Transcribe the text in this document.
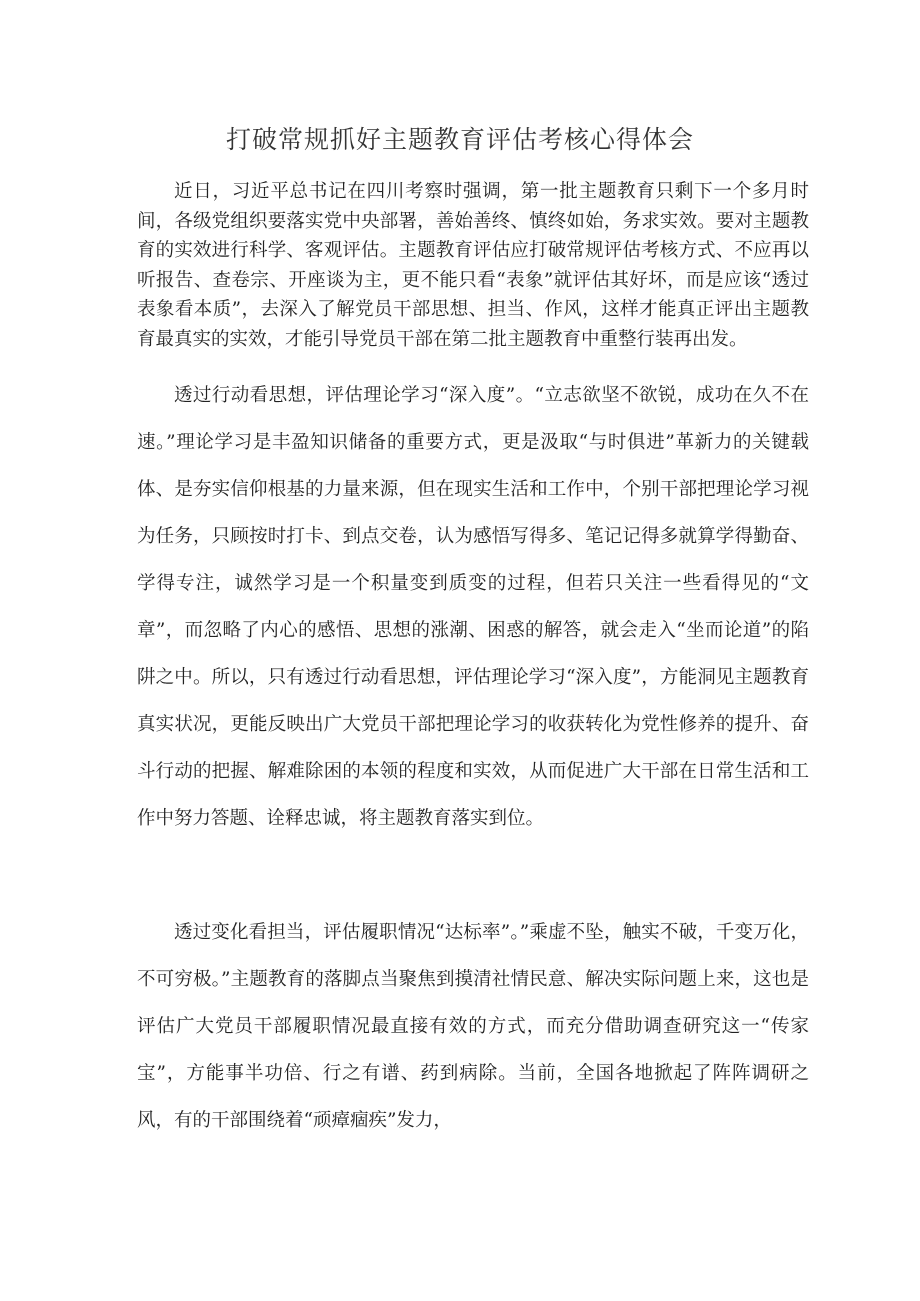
打破常规抓好主题教育评估考核心得体会

近日，习近平总书记在四川考察时强调，第一批主题教育只剩下一个多月时间，各级党组织要落实党中央部署，善始善终、慎终如始，务求实效。要对主题教育的实效进行科学、客观评估。主题教育评估应打破常规评估考核方式、不应再以听报告、查卷宗、开座谈为主，更不能只看“表象”就评估其好坏，而是应该“透过表象看本质”，去深入了解党员干部思想、担当、作风，这样才能真正评出主题教育最真实的实效，才能引导党员干部在第二批主题教育中重整行装再出发。

透过行动看思想，评估理论学习“深入度”。“立志欲坚不欲锐，成功在久不在速。”理论学习是丰盈知识储备的重要方式，更是汲取“与时俱进”革新力的关键载体、是夯实信仰根基的力量来源，但在现实生活和工作中，个别干部把理论学习视为任务，只顾按时打卡、到点交卷，认为感悟写得多、笔记记得多就算学得勤奋、学得专注，诚然学习是一个积量变到质变的过程，但若只关注一些看得见的“文章”，而忽略了内心的感悟、思想的涨潮、困惑的解答，就会走入“坐而论道”的陷阱之中。所以，只有透过行动看思想，评估理论学习“深入度”，方能洞见主题教育真实状况，更能反映出广大党员干部把理论学习的收获转化为党性修养的提升、奋斗行动的把握、解难除困的本领的程度和实效，从而促进广大干部在日常生活和工作中努力答题、诠释忠诚，将主题教育落实到位。

透过变化看担当，评估履职情况“达标率”。”乘虚不坠，触实不破，千变万化，不可穷极。”主题教育的落脚点当聚焦到摸清社情民意、解决实际问题上来，这也是评估广大党员干部履职情况最直接有效的方式，而充分借助调查研究这一“传家宝”，方能事半功倍、行之有谱、药到病除。当前，全国各地掀起了阵阵调研之风，有的干部围绕着“顽瘴痼疾”发力，
